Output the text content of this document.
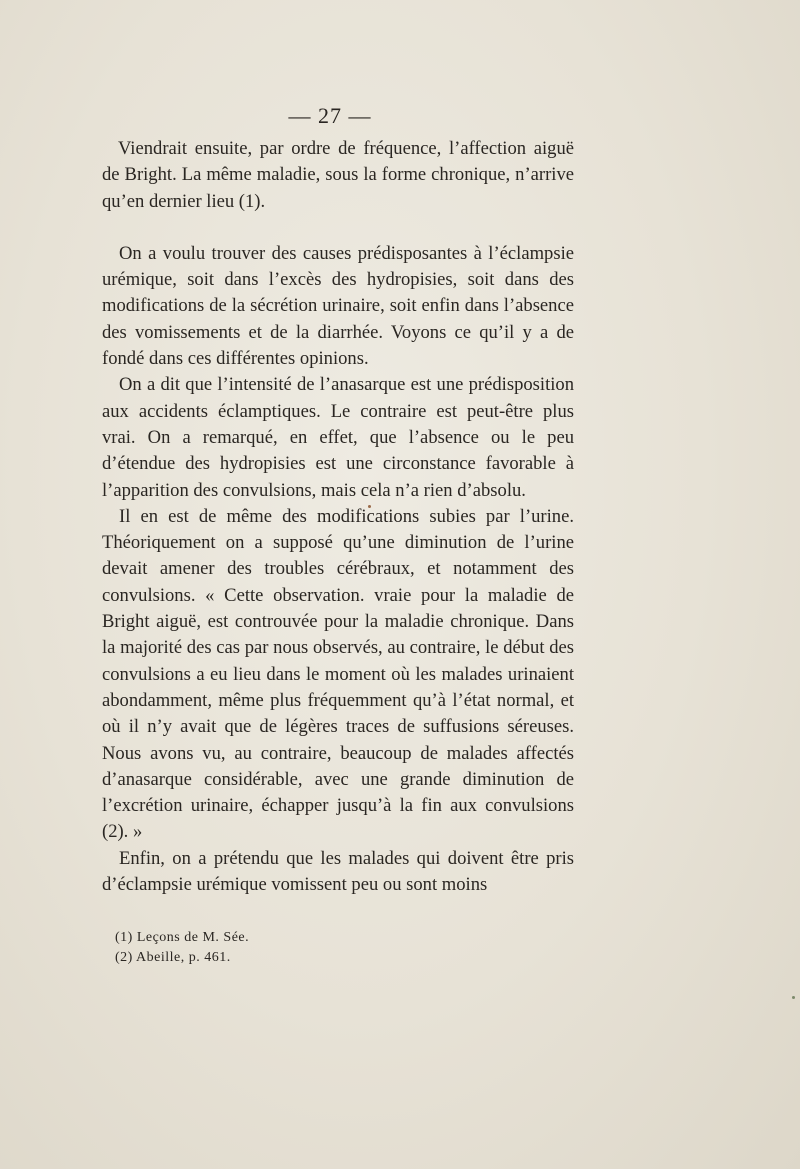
— 27 —

Viendrait ensuite, par ordre de fréquence, l’affection aiguë de Bright. La même maladie, sous la forme chronique, n’arrive qu’en dernier lieu (1).

On a voulu trouver des causes prédisposantes à l’éclampsie urémique, soit dans l’excès des hydropisies, soit dans des modifications de la sécrétion urinaire, soit enfin dans l’absence des vomissements et de la diarrhée. Voyons ce qu’il y a de fondé dans ces différentes opinions.

On a dit que l’intensité de l’anasarque est une prédisposition aux accidents éclamptiques. Le contraire est peut-être plus vrai. On a remarqué, en effet, que l’absence ou le peu d’étendue des hydropisies est une circonstance favorable à l’apparition des convulsions, mais cela n’a rien d’absolu.

Il en est de même des modifications subies par l’urine. Théoriquement on a supposé qu’une diminution de l’urine devait amener des troubles cérébraux, et notamment des convulsions. « Cette observation. vraie pour la maladie de Bright aiguë, est controuvée pour la maladie chronique. Dans la majorité des cas par nous observés, au contraire, le début des convulsions a eu lieu dans le moment où les malades urinaient abondamment, même plus fréquemment qu’à l’état normal, et où il n’y avait que de légères traces de suffusions séreuses. Nous avons vu, au contraire, beaucoup de malades affectés d’anasarque considérable, avec une grande diminution de l’excrétion urinaire, échapper jusqu’à la fin aux convulsions (2). »

Enfin, on a prétendu que les malades qui doivent être pris d’éclampsie urémique vomissent peu ou sont moins

(1) Leçons de M. Sée.
(2) Abeille, p. 461.
